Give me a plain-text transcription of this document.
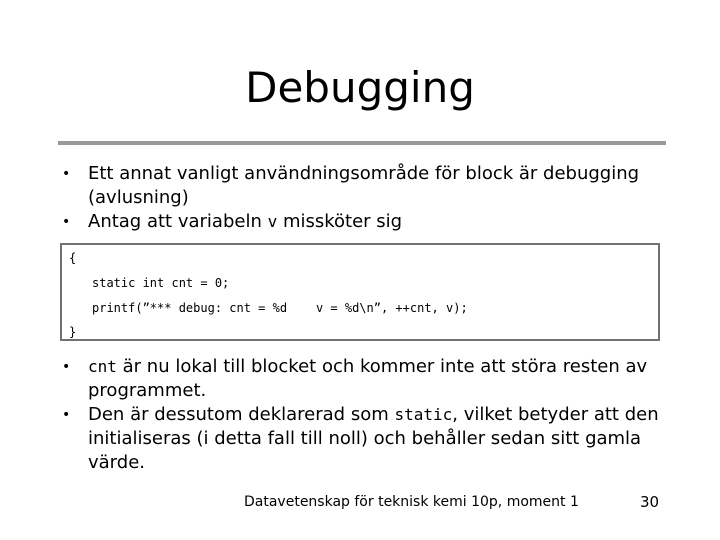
Debugging
• Ett annat vanligt användningsområde för block är debugging (avlusning)
• Antag att variabeln v missköter sig
{
static int cnt = 0;
printf(”*** debug: cnt = %d    v = %d\n”, ++cnt, v);
}
• cnt är nu lokal till blocket och kommer inte att störa resten av programmet.
• Den är dessutom deklarerad som static, vilket betyder att den initialiseras (i detta fall till noll) och behåller sedan sitt gamla värde.
Datavetenskap för teknisk kemi 10p, moment 1	30
